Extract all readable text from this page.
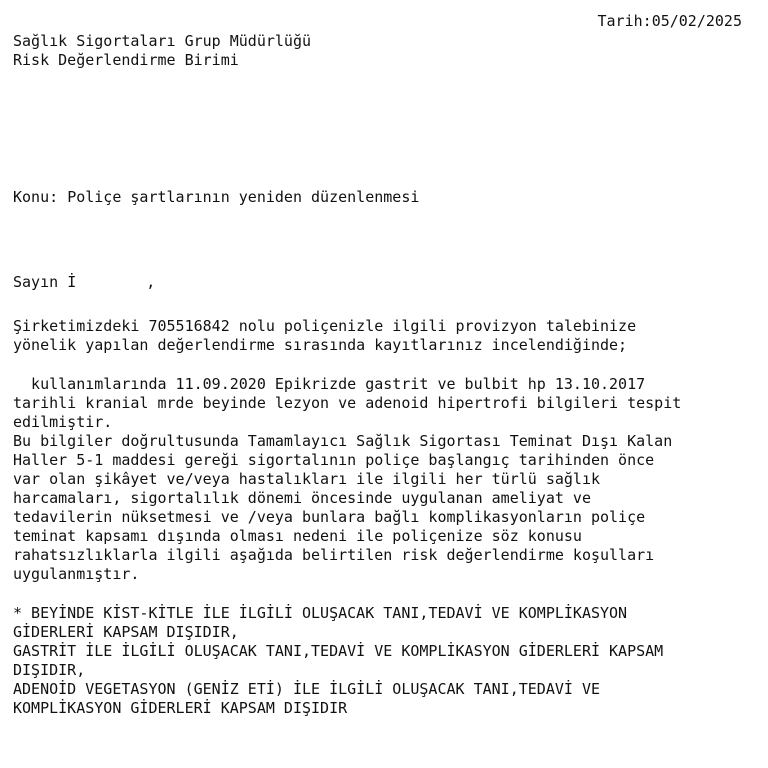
Tarih:05/02/2025
Sağlık Sigortaları Grup Müdürlüğü
Risk Değerlendirme Birimi
Konu: Poliçe şartlarının yeniden düzenlenmesi
Sayın İ	,
Şirketimizdeki 705516842 nolu poliçenizle ilgili provizyon talebinize
yönelik yapılan değerlendirme sırasında kayıtlarınız incelendiğinde;
kullanımlarında 11.09.2020 Epikrizde gastrit ve bulbit hp 13.10.2017
tarihli kranial mrde beyinde lezyon ve adenoid hipertrofi bilgileri tespit
edilmiştir.
Bu bilgiler doğrultusunda Tamamlayıcı Sağlık Sigortası Teminat Dışı Kalan
Haller 5-1 maddesi gereği sigortalının poliçe başlangıç tarihinden önce
var olan şikâyet ve/veya hastalıkları ile ilgili her türlü sağlık
harcamaları, sigortalılık dönemi öncesinde uygulanan ameliyat ve
tedavilerin nüksetmesi ve /veya bunlara bağlı komplikasyonların poliçe
teminat kapsamı dışında olması nedeni ile poliçenize söz konusu
rahatsızlıklarla ilgili aşağıda belirtilen risk değerlendirme koşulları
uygulanmıştır.
* BEYİNDE KİST-KİTLE İLE İLGİLİ OLUŞACAK TANI,TEDAVİ VE KOMPLİKASYON
GİDERLERİ KAPSAM DIŞIDIR,
GASTRİT İLE İLGİLİ OLUŞACAK TANI,TEDAVİ VE KOMPLİKASYON GİDERLERİ KAPSAM
DIŞIDIR,
ADENOİD VEGETASYON (GENİZ ETİ) İLE İLGİLİ OLUŞACAK TANI,TEDAVİ VE
KOMPLİKASYON GİDERLERİ KAPSAM DIŞIDIR
